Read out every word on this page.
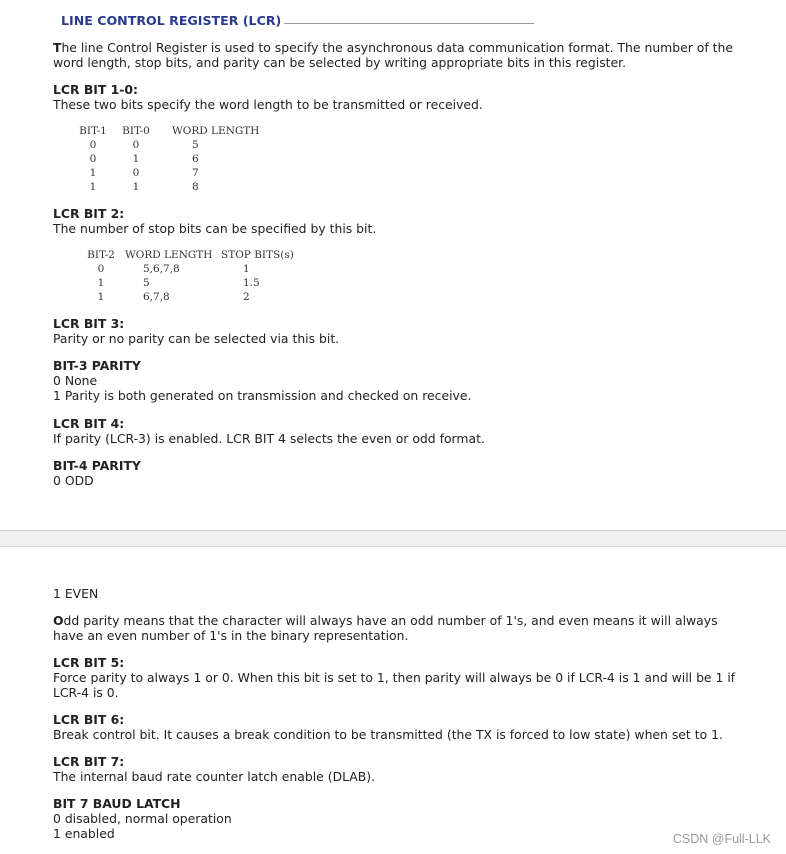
LINE CONTROL REGISTER (LCR)

The line Control Register is used to specify the asynchronous data communication format. The number of the word length, stop bits, and parity can be selected by writing appropriate bits in this register.

LCR BIT 1-0:

These two bits specify the word length to be transmitted or received.

BIT-1	BIT-0	WORD LENGTH
0	0	5
0	1	6
1	0	7
1	1	8

LCR BIT 2:

The number of stop bits can be specified by this bit.

BIT-2	WORD LENGTH	STOP BITS(s)
0	5,6,7,8	1
1	5	1.5
1	6,7,8	2

LCR BIT 3:

Parity or no parity can be selected via this bit.

BIT-3 PARITY

0 None

1 Parity is both generated on transmission and checked on receive.

LCR BIT 4:

If parity (LCR-3) is enabled. LCR BIT 4 selects the even or odd format.

BIT-4 PARITY

0 ODD

1 EVEN

Odd parity means that the character will always have an odd number of 1's, and even means it will always have an even number of 1's in the binary representation.

LCR BIT 5:

Force parity to always 1 or 0. When this bit is set to 1, then parity will always be 0 if LCR-4 is 1 and will be 1 if LCR-4 is 0.

LCR BIT 6:

Break control bit. It causes a break condition to be transmitted (the TX is forced to low state) when set to 1.

LCR BIT 7:

The internal baud rate counter latch enable (DLAB).

BIT 7 BAUD LATCH

0 disabled, normal operation

1 enabled	CSDN @Full-LLK
